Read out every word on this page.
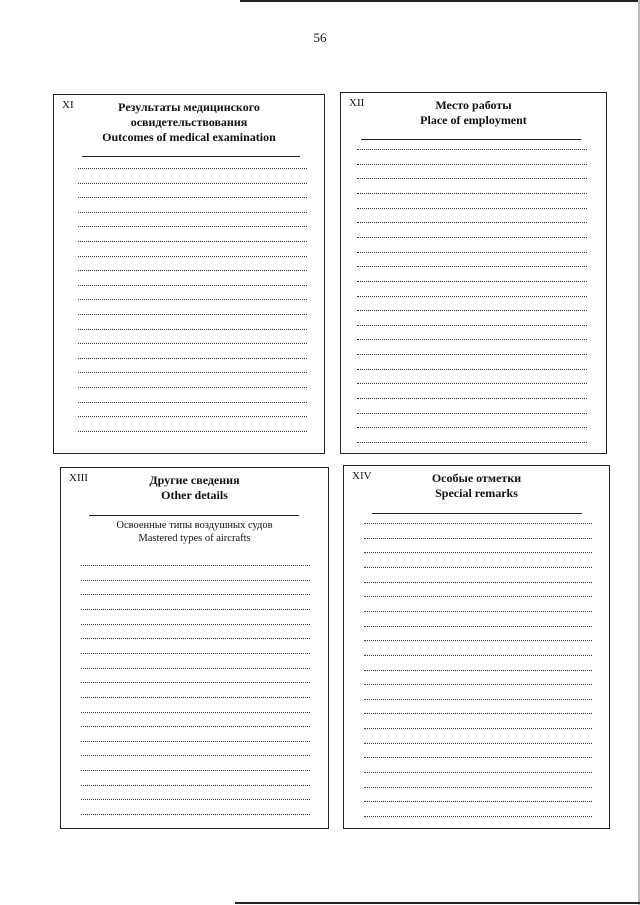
56
XI	Результаты медицинского
освидетельствования
Outcomes of medical examination
XII	Место работы
Place of employment
XIII	Другие сведения
Other details
Освоенные типы воздушных судов
Mastered types of aircrafts
XIV	Особые отметки
Special remarks
